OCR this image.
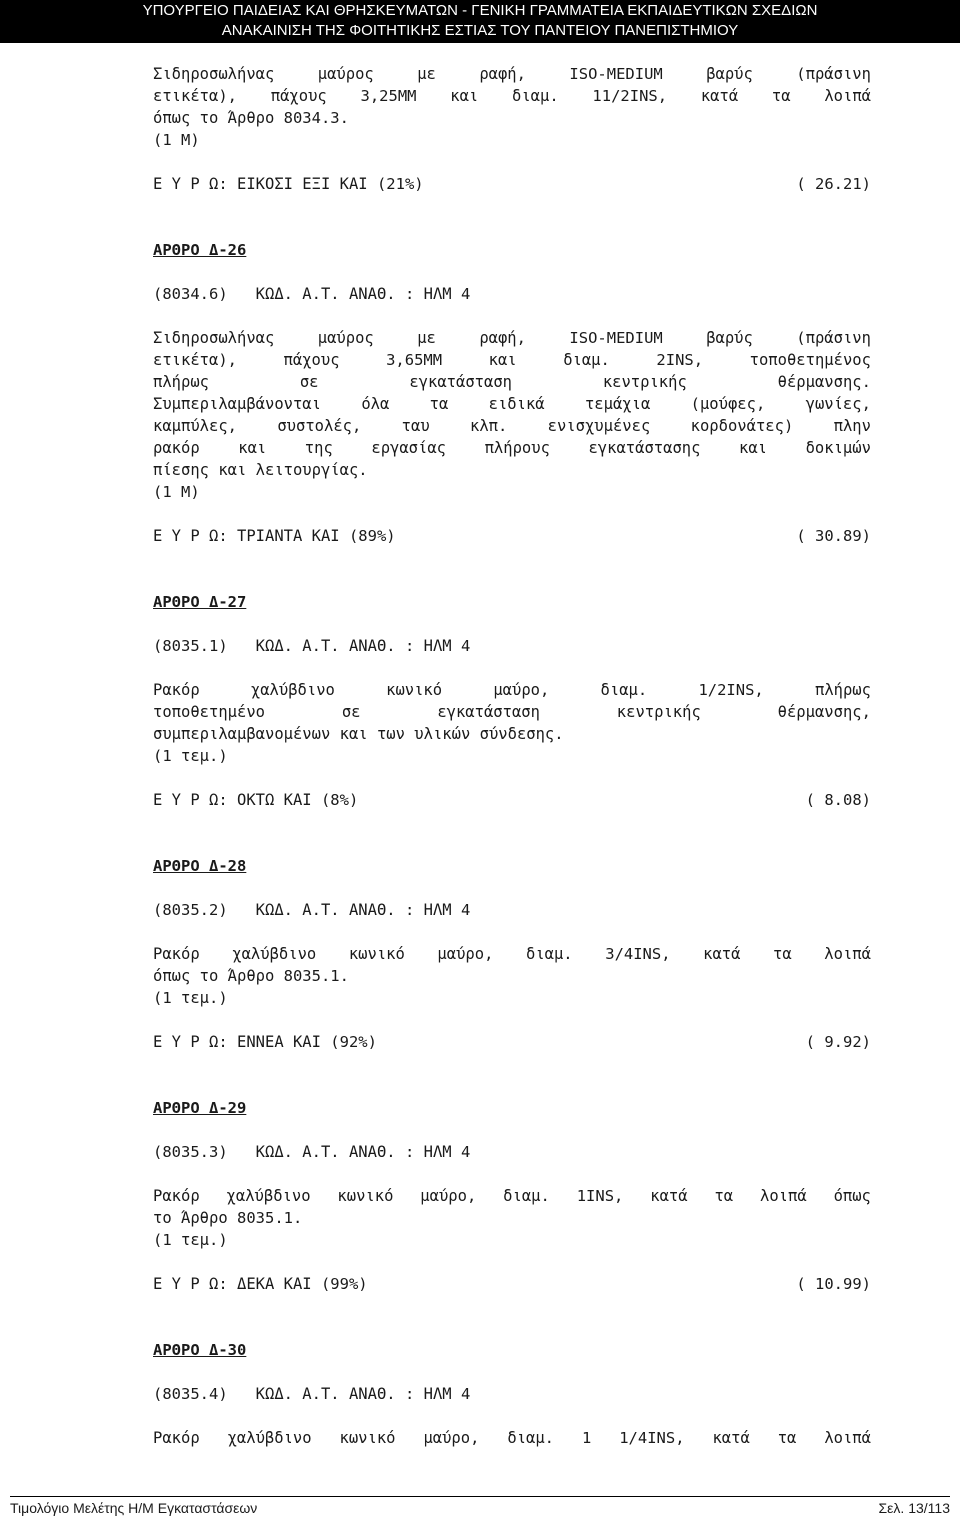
ΥΠΟΥΡΓΕΙΟ ΠΑΙΔΕΙΑΣ ΚΑΙ ΘΡΗΣΚΕΥΜΑΤΩΝ - ΓΕΝΙΚΗ ΓΡΑΜΜΑΤΕΙΑ ΕΚΠΑΙΔΕΥΤΙΚΩΝ ΣΧΕΔΙΩΝ
ΑΝΑΚΑΙΝΙΣΗ ΤΗΣ ΦΟΙΤΗΤΙΚΗΣ ΕΣΤΙΑΣ ΤΟΥ ΠΑΝΤΕΙΟΥ ΠΑΝΕΠΙΣΤΗΜΙΟΥ
Σιδηροσωλήνας	μαύρος	με	ραφή,	ISO-MEDIUM	βαρύς	(πράσινη
ετικέτα), πάχους 3,25MM και διαμ. 11/2INS, κατά τα λοιπά
όπως το Άρθρο 8034.3.
(1 M)
Ε Υ Ρ Ω: ΕΙΚΟΣΙ ΕΞΙ ΚΑΙ (21%)	( 26.21)
ΑΡΘΡΟ Δ-26
(8034.6)   ΚΩΔ. Α.Τ. ΑΝΑΘ. : ΗΛΜ 4
Σιδηροσωλήνας	μαύρος	με	ραφή,	ISO-MEDIUM	βαρύς	(πράσινη
ετικέτα),	πάχους	3,65MM	και	διαμ.	2INS,	τοποθετημένος
πλήρως	σε	εγκατάσταση	κεντρικής	θέρμανσης.
Συμπεριλαμβάνονται	όλα	τα	ειδικά	τεμάχια	(μούφες,	γωνίες,
καμπύλες,	συστολές,	ταυ	κλπ.	ενισχυμένες	κορδονάτες)	πλην
ρακόρ και της εργασίας πλήρους εγκατάστασης και δοκιμών
πίεσης και λειτουργίας.
(1 M)
Ε Υ Ρ Ω: ΤΡΙΑΝΤΑ ΚΑΙ (89%)	( 30.89)
ΑΡΘΡΟ Δ-27
(8035.1)   ΚΩΔ. Α.Τ. ΑΝΑΘ. : ΗΛΜ 4
Ρακόρ	χαλύβδινο	κωνικό	μαύρο,	διαμ.	1/2INS,	πλήρως
τοποθετημένο	σε	εγκατάσταση	κεντρικής	θέρμανσης,
συμπεριλαμβανομένων και των υλικών σύνδεσης.
(1 τεμ.)
Ε Υ Ρ Ω: ΟΚΤΩ ΚΑΙ (8%)	( 8.08)
ΑΡΘΡΟ Δ-28
(8035.2)   ΚΩΔ. Α.Τ. ΑΝΑΘ. : ΗΛΜ 4
Ρακόρ χαλύβδινο κωνικό μαύρο, διαμ. 3/4INS, κατά τα λοιπά
όπως το Άρθρο 8035.1.
(1 τεμ.)
Ε Υ Ρ Ω: ΕΝΝΕΑ ΚΑΙ (92%)	( 9.92)
ΑΡΘΡΟ Δ-29
(8035.3)   ΚΩΔ. Α.Τ. ΑΝΑΘ. : ΗΛΜ 4
Ρακόρ χαλύβδινο κωνικό μαύρο, διαμ. 1INS, κατά τα λοιπά όπως
το Άρθρο 8035.1.
(1 τεμ.)
Ε Υ Ρ Ω: ΔΕΚΑ ΚΑΙ (99%)	( 10.99)
ΑΡΘΡΟ Δ-30
(8035.4)   ΚΩΔ. Α.Τ. ΑΝΑΘ. : ΗΛΜ 4
Ρακόρ χαλύβδινο κωνικό μαύρο, διαμ. 1 1/4INS, κατά τα λοιπά
Τιμολόγιο Μελέτης Η/Μ Εγκαταστάσεων	Σελ. 13/113
